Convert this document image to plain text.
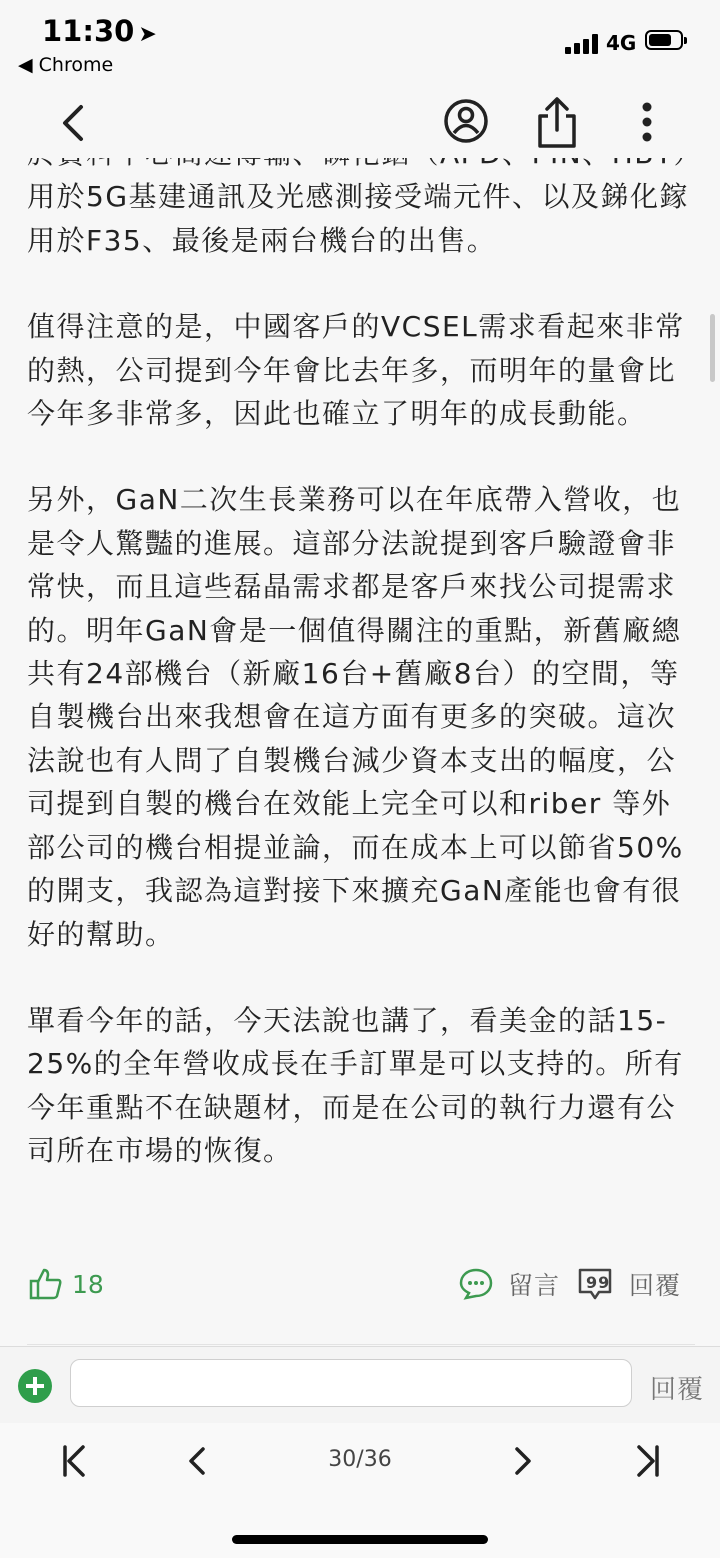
11:30 ➤
◀ Chrome
4G

用於5G基建通訊及光感測接受端元件、以及銻化鎵用於F35、最後是兩台機台的出售。

值得注意的是，中國客戶的VCSEL需求看起來非常的熱，公司提到今年會比去年多，而明年的量會比今年多非常多，因此也確立了明年的成長動能。

另外，GaN二次生長業務可以在年底帶入營收，也是令人驚豔的進展。這部分法說提到客戶驗證會非常快，而且這些磊晶需求都是客戶來找公司提需求的。明年GaN會是一個值得關注的重點，新舊廠總共有24部機台（新廠16台+舊廠8台）的空間，等自製機台出來我想會在這方面有更多的突破。這次法說也有人問了自製機台減少資本支出的幅度，公司提到自製的機台在效能上完全可以和riber 等外部公司的機台相提並論，而在成本上可以節省50%的開支，我認為這對接下來擴充GaN產能也會有很好的幫助。

單看今年的話，今天法說也講了，看美金的話15-25%的全年營收成長在手訂單是可以支持的。所有今年重點不在缺題材，而是在公司的執行力還有公司所在市場的恢復。

18	留言 99 回覆
回覆
30/36
